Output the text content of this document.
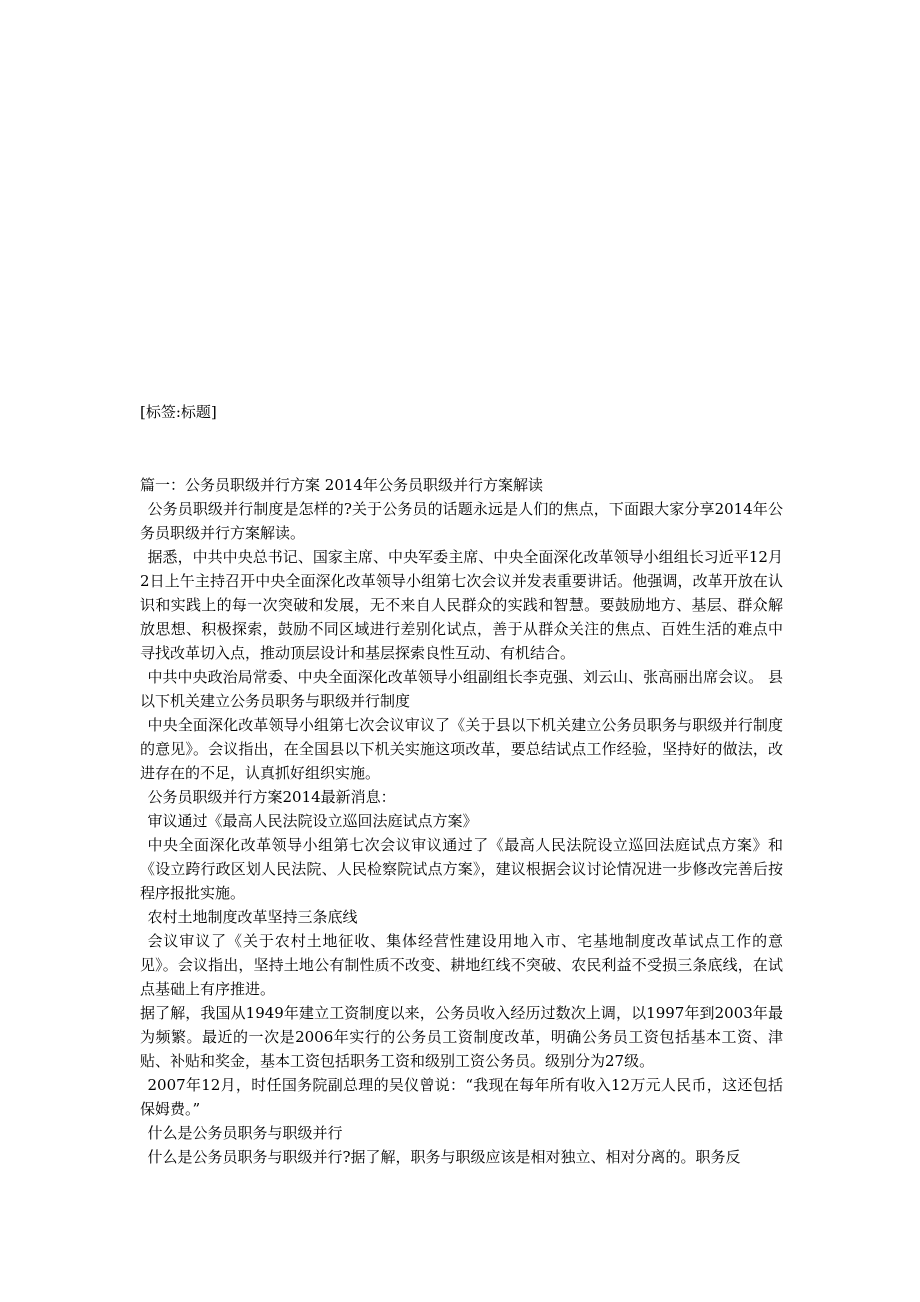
[标签:标题]

篇一：公务员职级并行方案 2014年公务员职级并行方案解读

公务员职级并行制度是怎样的?关于公务员的话题永远是人们的焦点，下面跟大家分享2014年公务员职级并行方案解读。

据悉，中共中央总书记、国家主席、中央军委主席、中央全面深化改革领导小组组长习近平12月2日上午主持召开中央全面深化改革领导小组第七次会议并发表重要讲话。他强调，改革开放在认识和实践上的每一次突破和发展，无不来自人民群众的实践和智慧。要鼓励地方、基层、群众解放思想、积极探索，鼓励不同区域进行差别化试点，善于从群众关注的焦点、百姓生活的难点中寻找改革切入点，推动顶层设计和基层探索良性互动、有机结合。

中共中央政治局常委、中央全面深化改革领导小组副组长李克强、刘云山、张高丽出席会议。 县以下机关建立公务员职务与职级并行制度

中央全面深化改革领导小组第七次会议审议了《关于县以下机关建立公务员职务与职级并行制度的意见》。会议指出，在全国县以下机关实施这项改革，要总结试点工作经验，坚持好的做法，改进存在的不足，认真抓好组织实施。

公务员职级并行方案2014最新消息：

审议通过《最高人民法院设立巡回法庭试点方案》

中央全面深化改革领导小组第七次会议审议通过了《最高人民法院设立巡回法庭试点方案》和《设立跨行政区划人民法院、人民检察院试点方案》，建议根据会议讨论情况进一步修改完善后按程序报批实施。

农村土地制度改革坚持三条底线

会议审议了《关于农村土地征收、集体经营性建设用地入市、宅基地制度改革试点工作的意见》。会议指出，坚持土地公有制性质不改变、耕地红线不突破、农民利益不受损三条底线，在试点基础上有序推进。

据了解，我国从1949年建立工资制度以来，公务员收入经历过数次上调，以1997年到2003年最为频繁。最近的一次是2006年实行的公务员工资制度改革，明确公务员工资包括基本工资、津贴、补贴和奖金，基本工资包括职务工资和级别工资公务员。级别分为27级。

2007年12月，时任国务院副总理的吴仪曾说：“我现在每年所有收入12万元人民币，这还包括保姆费。”

什么是公务员职务与职级并行

什么是公务员职务与职级并行?据了解，职务与职级应该是相对独立、相对分离的。职务反
